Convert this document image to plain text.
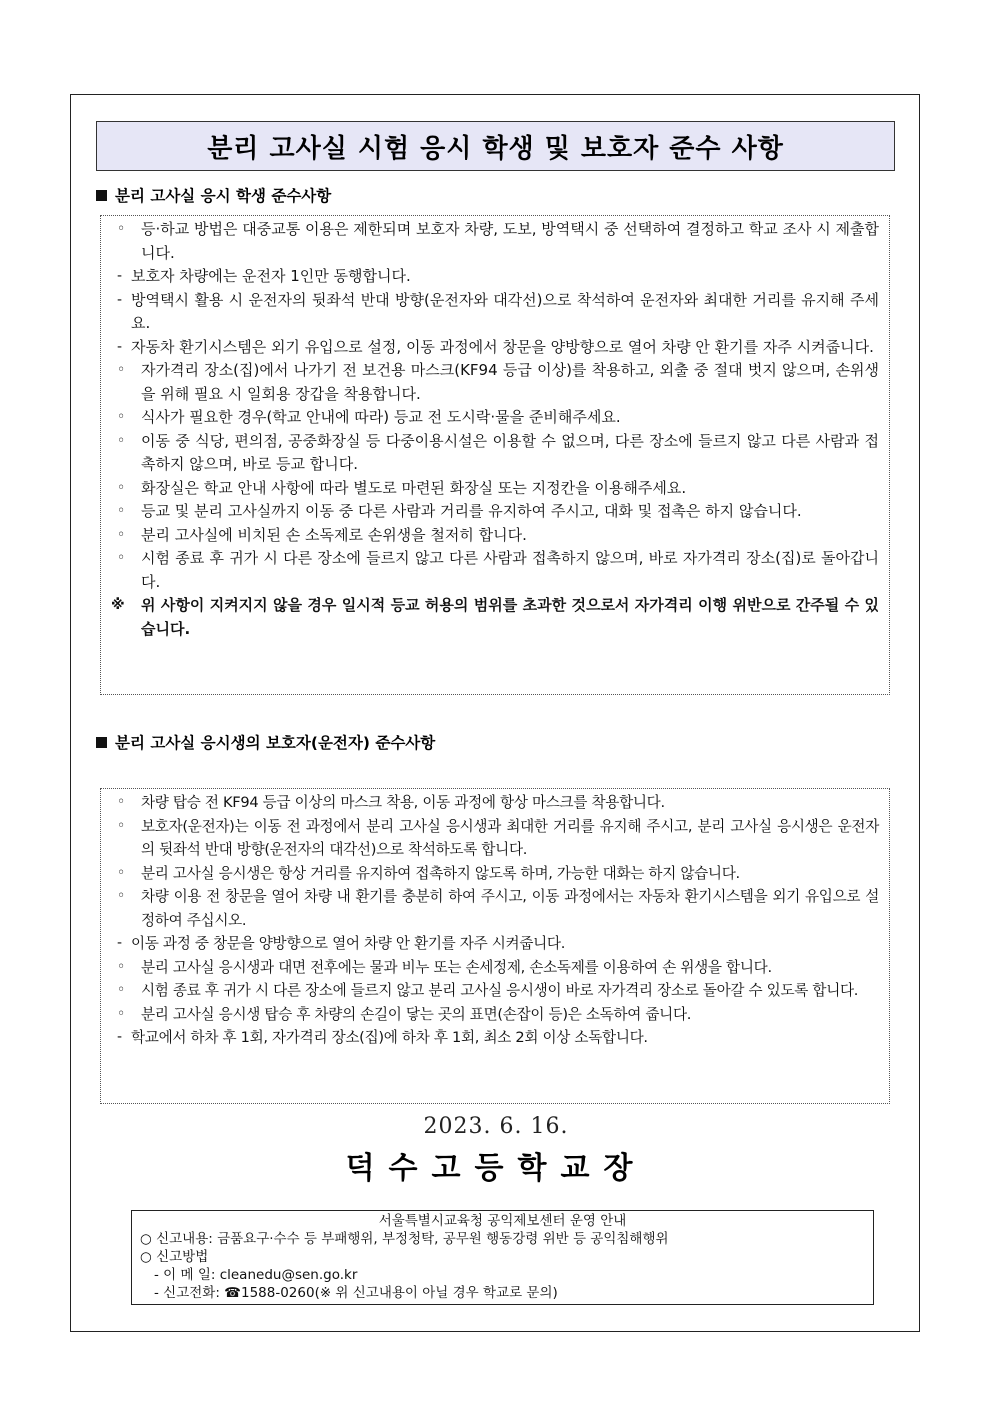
분리 고사실 시험 응시 학생 및 보호자 준수 사항
분리 고사실 응시 학생 준수사항
◦ 등·하교 방법은 대중교통 이용은 제한되며 보호자 차량, 도보, 방역택시 중 선택하여 결정하고 학교 조사 시 제출합니다.
- 보호자 차량에는 운전자 1인만 동행합니다.
- 방역택시 활용 시 운전자의 뒷좌석 반대 방향(운전자와 대각선)으로 착석하여 운전자와 최대한 거리를 유지해 주세요.
- 자동차 환기시스템은 외기 유입으로 설정, 이동 과정에서 창문을 양방향으로 열어 차량 안 환기를 자주 시켜줍니다.
◦ 자가격리 장소(집)에서 나가기 전 보건용 마스크(KF94 등급 이상)를 착용하고, 외출 중 절대 벗지 않으며, 손위생을 위해 필요 시 일회용 장갑을 착용합니다.
◦ 식사가 필요한 경우(학교 안내에 따라) 등교 전 도시락·물을 준비해주세요.
◦ 이동 중 식당, 편의점, 공중화장실 등 다중이용시설은 이용할 수 없으며, 다른 장소에 들르지 않고 다른 사람과 접촉하지 않으며, 바로 등교 합니다.
◦ 화장실은 학교 안내 사항에 따라 별도로 마련된 화장실 또는 지정칸을 이용해주세요.
◦ 등교 및 분리 고사실까지 이동 중 다른 사람과 거리를 유지하여 주시고, 대화 및 접촉은 하지 않습니다.
◦ 분리 고사실에 비치된 손 소독제로 손위생을 철저히 합니다.
◦ 시험 종료 후 귀가 시 다른 장소에 들르지 않고 다른 사람과 접촉하지 않으며, 바로 자가격리 장소(집)로 돌아갑니다.
※ 위 사항이 지켜지지 않을 경우 일시적 등교 허용의 범위를 초과한 것으로서 자가격리 이행 위반으로 간주될 수 있습니다.
분리 고사실 응시생의 보호자(운전자) 준수사항
◦ 차량 탑승 전 KF94 등급 이상의 마스크 착용, 이동 과정에 항상 마스크를 착용합니다.
◦ 보호자(운전자)는 이동 전 과정에서 분리 고사실 응시생과 최대한 거리를 유지해 주시고, 분리 고사실 응시생은 운전자의 뒷좌석 반대 방향(운전자의 대각선)으로 착석하도록 합니다.
◦ 분리 고사실 응시생은 항상 거리를 유지하여 접촉하지 않도록 하며, 가능한 대화는 하지 않습니다.
◦ 차량 이용 전 창문을 열어 차량 내 환기를 충분히 하여 주시고, 이동 과정에서는 자동차 환기시스템을 외기 유입으로 설정하여 주십시오.
- 이동 과정 중 창문을 양방향으로 열어 차량 안 환기를 자주 시켜줍니다.
◦ 분리 고사실 응시생과 대면 전후에는 물과 비누 또는 손세정제, 손소독제를 이용하여 손 위생을 합니다.
◦ 시험 종료 후 귀가 시 다른 장소에 들르지 않고 분리 고사실 응시생이 바로 자가격리 장소로 돌아갈 수 있도록 합니다.
◦ 분리 고사실 응시생 탑승 후 차량의 손길이 닿는 곳의 표면(손잡이 등)은 소독하여 줍니다.
- 학교에서 하차 후 1회, 자가격리 장소(집)에 하차 후 1회, 최소 2회 이상 소독합니다.
2023. 6. 16.
덕수고등학교장
서울특별시교육청 공익제보센터 운영 안내
○ 신고내용: 금품요구·수수 등 부패행위, 부정청탁, 공무원 행동강령 위반 등 공익침해행위
○ 신고방법
- 이 메 일: cleanedu@sen.go.kr
- 신고전화: ☎1588-0260(※ 위 신고내용이 아닐 경우 학교로 문의)
